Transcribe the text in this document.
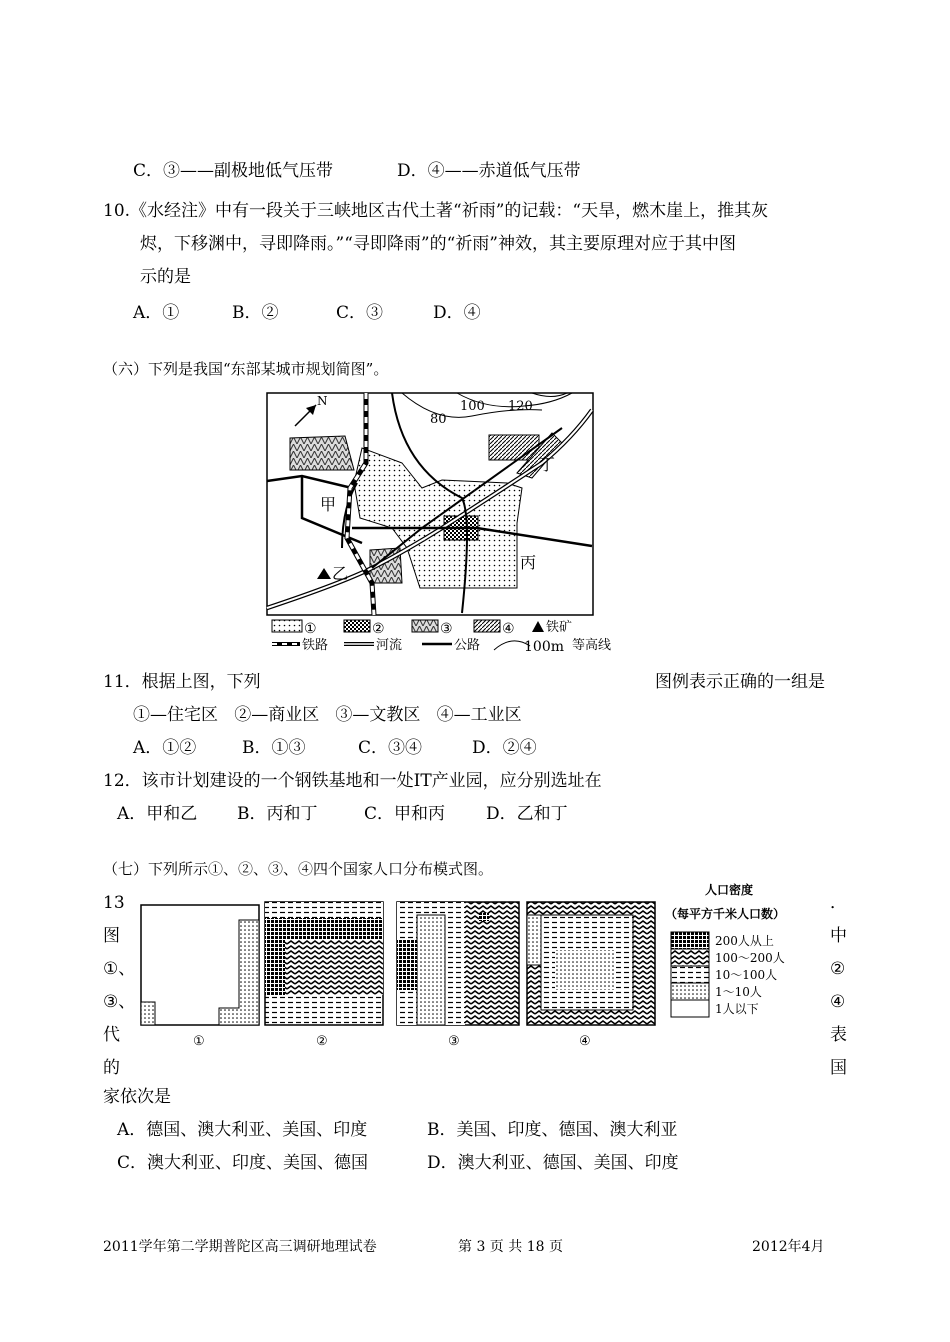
C．③——副极地低气压带	D．④——赤道低气压带
10.《水经注》中有一段关于三峡地区古代土著“祈雨”的记载：“天旱，燃木崖上，推其灰
烬，下移渊中，寻即降雨。”“寻即降雨”的“祈雨”神效，其主要原理对应于其中图
示的是
A．①	B．②	C．③	D．④
（六）下列是我国“东部某城市规划简图”。
N
80
100 120
甲
乙
丙
丁
①	②	③	④ 铁矿
铁路	河流	公路	100m 等高线
11．根据上图，下列	图例表示正确的一组是
①—住宅区   ②—商业区   ③—文教区   ④—工业区
A．①②	B．①③	C．③④	D．②④
12．该市计划建设的一个钢铁基地和一处IT产业园，应分别选址在
A．甲和乙 B．丙和丁	C．甲和丙 D．乙和丁
（七）下列所示①、②、③、④四个国家人口分布模式图。
13
图
①、
③、
代
的
．
中
②
④
表
国
①	②	③	④
人口密度
（每平方千米人口数）
200人从上
100～200人
10～100人
1～10人
1人以下
家依次是
A．德国、澳大利亚、美国、印度	B．美国、印度、德国、澳大利亚
C．澳大利亚、印度、美国、德国	D．澳大利亚、德国、美国、印度
2011学年第二学期普陀区高三调研地理试卷	第 3 页 共 18 页	2012年4月
